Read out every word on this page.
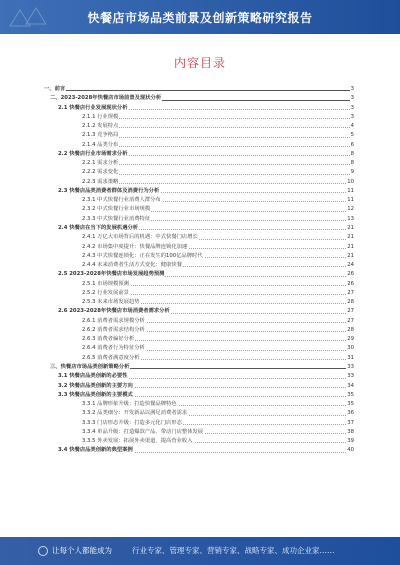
快餐店市场品类前景及创新策略研究报告
内容目录
一、前言	3
二、2023-2028年快餐店市场前景及现状分析	3
2.1 快餐店行业发展现状分析	3
2.1.1 行业规模	3
2.1.2 发展特点	4
2.1.3 竞争格局	5
2.1.4 品类分布	6
2.2 快餐店行业市场需求分析	8
2.2.1 需求分析	8
2.2.2 需求变化	9
2.2.3 需求策略	10
2.3 快餐店品类消费者群体及消费行为分析	11
2.3.1 中式快餐行业消费人群分布	11
2.3.2 中式快餐行业市场规模	12
2.3.3 中式快餐行业消费特征	13
2.4 快餐店在当下的发展机遇分析	21
2.4.1 万亿大市场背后的机遇：中式快餐门店增长	21
2.4.2 市场集中度提升：快餐品牌连锁化加速	21
2.4.3 中式快餐连锁化：正在发生的100亿品牌时代	21
2.4.4 未来消费者生活方式变化：健康快餐	24
2.5 2023-2028年快餐店市场发展趋势预测	26
2.5.1 市场规模预测	26
2.5.2 行业发展前景	27
2.5.3 未来市场发展趋势	28
2.6 2023-2028年快餐店市场消费者需求分析	27
2.6.1 消费者需求规模分析	27
2.6.2 消费者需求结构分析	28
2.6.3 消费者偏好分析	29
2.6.4 消费者行为特征分析	30
2.6.5 消费者满意度分析	31
三、快餐店市场品类创新策略分析	33
3.1 快餐店品类创新的必要性	33
3.2 快餐店品类创新的主要方向	34
3.3 快餐店品类创新的主要模式	35
3.3.1 品牌形象升级：打造快餐品牌特色	35
3.3.2 品类细分：开发新品以满足消费者需求	36
3.3.3 门店形态升级：打造多元化门店形态	37
3.3.4 单品升级：打造爆款产品，带动门店整体发展	38
3.3.5 外卖发展：拓展外卖渠道，提高营业收入	39
3.4 快餐店品类创新的典型案例	40
让每个人都能成为	行业专家、管理专家、营销专家、战略专家、成功企业家……
